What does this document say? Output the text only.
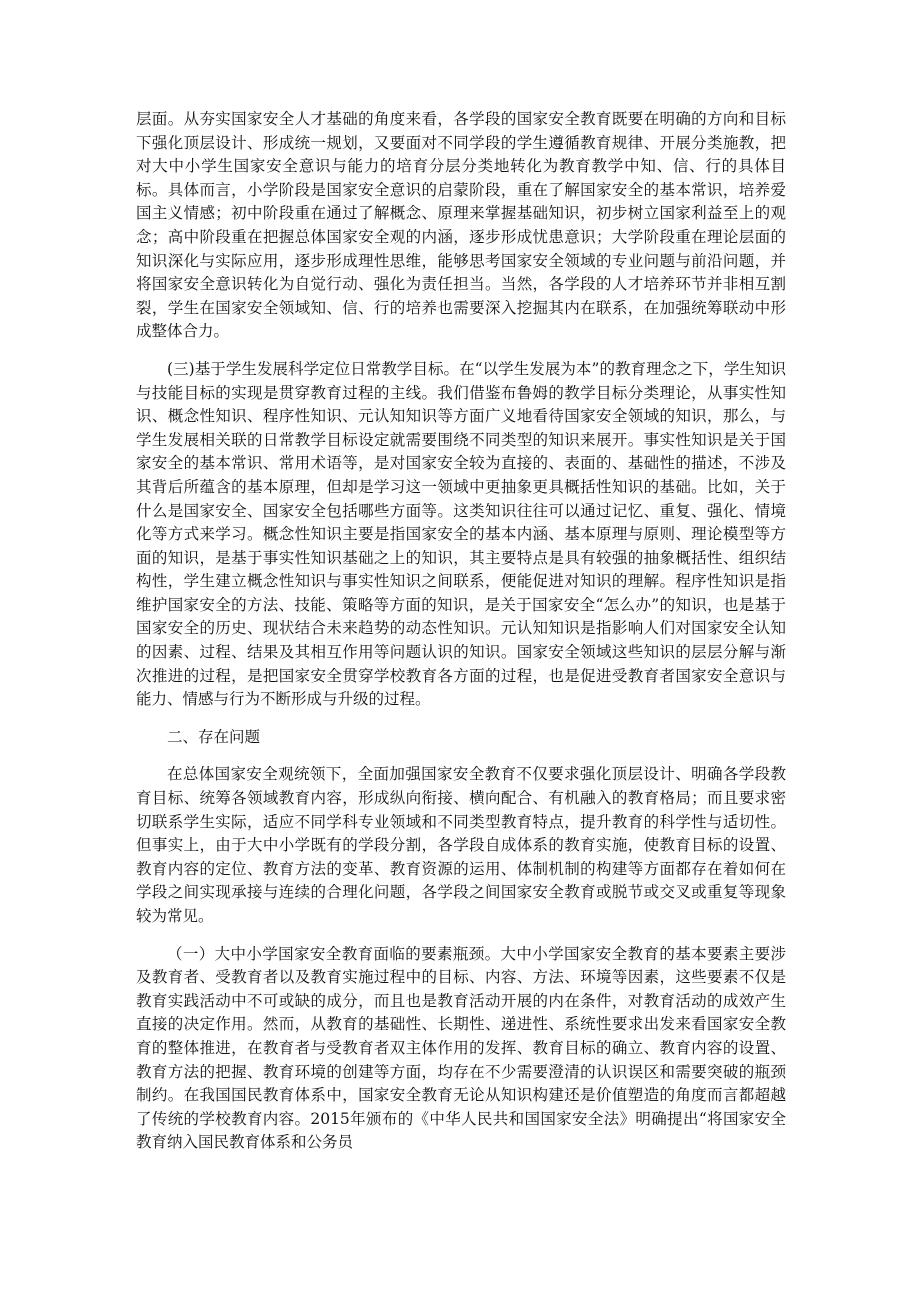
层面。从夯实国家安全人才基础的角度来看，各学段的国家安全教育既要在明确的方向和目标下强化顶层设计、形成统一规划，又要面对不同学段的学生遵循教育规律、开展分类施教，把对大中小学生国家安全意识与能力的培育分层分类地转化为教育教学中知、信、行的具体目标。具体而言，小学阶段是国家安全意识的启蒙阶段，重在了解国家安全的基本常识，培养爱国主义情感；初中阶段重在通过了解概念、原理来掌握基础知识，初步树立国家利益至上的观念；高中阶段重在把握总体国家安全观的内涵，逐步形成忧患意识；大学阶段重在理论层面的知识深化与实际应用，逐步形成理性思维，能够思考国家安全领域的专业问题与前沿问题，并将国家安全意识转化为自觉行动、强化为责任担当。当然，各学段的人才培养环节并非相互割裂，学生在国家安全领域知、信、行的培养也需要深入挖掘其内在联系，在加强统筹联动中形成整体合力。

(三)基于学生发展科学定位日常教学目标。在“以学生发展为本”的教育理念之下，学生知识与技能目标的实现是贯穿教育过程的主线。我们借鉴布鲁姆的教学目标分类理论，从事实性知识、概念性知识、程序性知识、元认知知识等方面广义地看待国家安全领域的知识，那么，与学生发展相关联的日常教学目标设定就需要围绕不同类型的知识来展开。事实性知识是关于国家安全的基本常识、常用术语等，是对国家安全较为直接的、表面的、基础性的描述，不涉及其背后所蕴含的基本原理，但却是学习这一领域中更抽象更具概括性知识的基础。比如，关于什么是国家安全、国家安全包括哪些方面等。这类知识往往可以通过记忆、重复、强化、情境化等方式来学习。概念性知识主要是指国家安全的基本内涵、基本原理与原则、理论模型等方面的知识，是基于事实性知识基础之上的知识，其主要特点是具有较强的抽象概括性、组织结构性，学生建立概念性知识与事实性知识之间联系，便能促进对知识的理解。程序性知识是指维护国家安全的方法、技能、策略等方面的知识，是关于国家安全“怎么办”的知识，也是基于国家安全的历史、现状结合未来趋势的动态性知识。元认知知识是指影响人们对国家安全认知的因素、过程、结果及其相互作用等问题认识的知识。国家安全领域这些知识的层层分解与渐次推进的过程，是把国家安全贯穿学校教育各方面的过程，也是促进受教育者国家安全意识与能力、情感与行为不断形成与升级的过程。

二、存在问题

在总体国家安全观统领下，全面加强国家安全教育不仅要求强化顶层设计、明确各学段教育目标、统筹各领域教育内容，形成纵向衔接、横向配合、有机融入的教育格局；而且要求密切联系学生实际，适应不同学科专业领域和不同类型教育特点，提升教育的科学性与适切性。但事实上，由于大中小学既有的学段分割，各学段自成体系的教育实施，使教育目标的设置、教育内容的定位、教育方法的变革、教育资源的运用、体制机制的构建等方面都存在着如何在学段之间实现承接与连续的合理化问题，各学段之间国家安全教育或脱节或交叉或重复等现象较为常见。

（一）大中小学国家安全教育面临的要素瓶颈。大中小学国家安全教育的基本要素主要涉及教育者、受教育者以及教育实施过程中的目标、内容、方法、环境等因素，这些要素不仅是教育实践活动中不可或缺的成分，而且也是教育活动开展的内在条件，对教育活动的成效产生直接的决定作用。然而，从教育的基础性、长期性、递进性、系统性要求出发来看国家安全教育的整体推进，在教育者与受教育者双主体作用的发挥、教育目标的确立、教育内容的设置、教育方法的把握、教育环境的创建等方面，均存在不少需要澄清的认识误区和需要突破的瓶颈制约。在我国国民教育体系中，国家安全教育无论从知识构建还是价值塑造的角度而言都超越了传统的学校教育内容。2015年颁布的《中华人民共和国国家安全法》明确提出“将国家安全教育纳入国民教育体系和公务员
